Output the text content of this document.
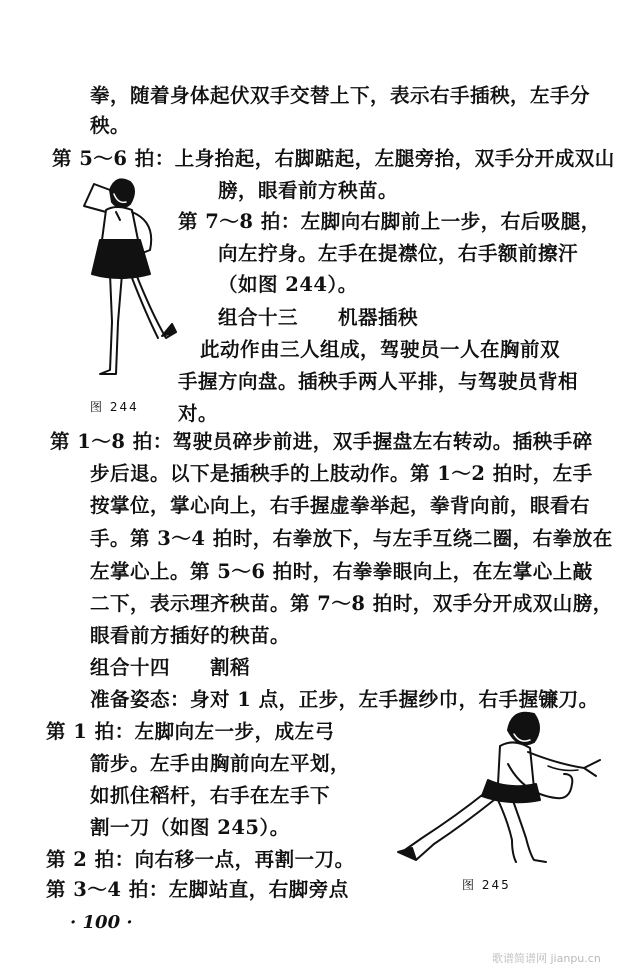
图 244
图 245
拳，随着身体起伏双手交替上下，表示右手插秧，左手分
秧。
第 5～6 拍：上身抬起，右脚踮起，左腿旁抬，双手分开成双山
膀，眼看前方秧苗。
第 7～8 拍：左脚向右脚前上一步，右后吸腿，
向左拧身。左手在提襟位，右手额前擦汗
（如图 244）。
组合十三　　机器插秧
此动作由三人组成，驾驶员一人在胸前双
手握方向盘。插秧手两人平排，与驾驶员背相
对。
第 1～8 拍：驾驶员碎步前进，双手握盘左右转动。插秧手碎
步后退。以下是插秧手的上肢动作。第 1～2 拍时，左手
按掌位，掌心向上，右手握虚拳举起，拳背向前，眼看右
手。第 3～4 拍时，右拳放下，与左手互绕二圈，右拳放在
左掌心上。第 5～6 拍时，右拳拳眼向上，在左掌心上敲
二下，表示理齐秧苗。第 7～8 拍时，双手分开成双山膀，
眼看前方插好的秧苗。
组合十四　　割稻
准备姿态：身对 1 点，正步，左手握纱巾，右手握镰刀。
第 1 拍：左脚向左一步，成左弓
箭步。左手由胸前向左平划，
如抓住稻杆，右手在左手下
割一刀（如图 245）。
第 2 拍：向右移一点，再割一刀。
第 3～4 拍：左脚站直，右脚旁点
· 100 ·
歌谱简谱网 jianpu.cn
